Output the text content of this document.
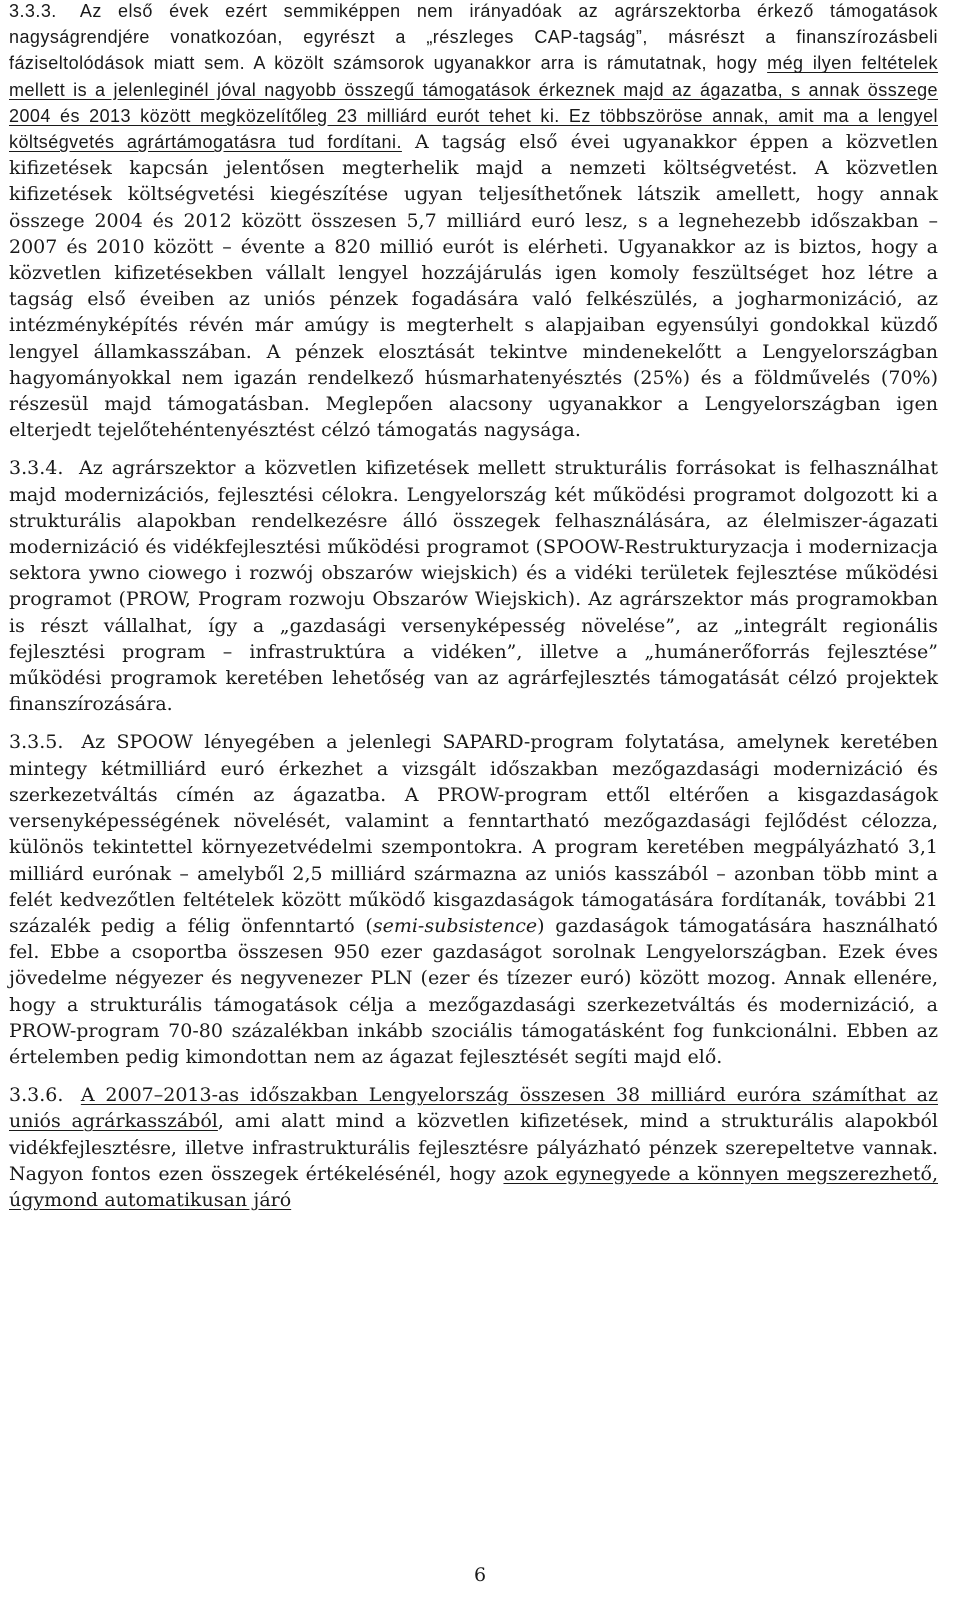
3.3.3. Az első évek ezért semmiképpen nem irányadóak az agrárszektorba érkező támogatások nagyságrendjére vonatkozóan, egyrészt a „részleges CAP-tagság”, másrészt a finanszírozásbeli fáziseltolódások miatt sem. A közölt számsorok ugyanakkor arra is rámutatnak, hogy még ilyen feltételek mellett is a jelenleginél jóval nagyobb összegű támogatások érkeznek majd az ágazatba, s annak összege 2004 és 2013 között megközelítőleg 23 milliárd eurót tehet ki. Ez többszöröse annak, amit ma a lengyel költségvetés agrártámogatásra tud fordítani. A tagság első évei ugyanakkor éppen a közvetlen kifizetések kapcsán jelentősen megterhelik majd a nemzeti költségvetést. A közvetlen kifizetések költségvetési kiegészítése ugyan teljesíthetőnek látszik amellett, hogy annak összege 2004 és 2012 között összesen 5,7 milliárd euró lesz, s a legnehezebb időszakban – 2007 és 2010 között – évente a 820 millió eurót is elérheti. Ugyanakkor az is biztos, hogy a közvetlen kifizetésekben vállalt lengyel hozzájárulás igen komoly feszültséget hoz létre a tagság első éveiben az uniós pénzek fogadására való felkészülés, a jogharmonizáció, az intézményképítés révén már amúgy is megterhelt s alapjaiban egyensúlyi gondokkal küzdő lengyel államkasszában. A pénzek elosztását tekintve mindenekelőtt a Lengyelországban hagyományokkal nem igazán rendelkező húsmarhatenyésztés (25%) és a földművelés (70%) részesül majd támogatásban. Meglepően alacsony ugyanakkor a Lengyelországban igen elterjedt tejelőtehéntenyésztést célzó támogatás nagysága.

3.3.4. Az agrárszektor a közvetlen kifizetések mellett strukturális forrásokat is felhasználhat majd modernizációs, fejlesztési célokra. Lengyelország két működési programot dolgozott ki a strukturális alapokban rendelkezésre álló összegek felhasználására, az élelmiszer-ágazati modernizáció és vidékfejlesztési működési programot (SPOOW-Restrukturyzacja i modernizacja sektora ywno ciowego i rozwój obszarów wiejskich) és a vidéki területek fejlesztése működési programot (PROW, Program rozwoju Obszarów Wiejskich). Az agrárszektor más programokban is részt vállalhat, így a „gazdasági versenyképesség növelése”, az „integrált regionális fejlesztési program – infrastruktúra a vidéken”, illetve a „humánerőforrás fejlesztése” működési programok keretében lehetőség van az agrárfejlesztés támogatását célzó projektek finanszírozására.

3.3.5. Az SPOOW lényegében a jelenlegi SAPARD-program folytatása, amelynek keretében mintegy kétmilliárd euró érkezhet a vizsgált időszakban mezőgazdasági modernizáció és szerkezetváltás címén az ágazatba. A PROW-program ettől eltérően a kisgazdaságok versenyképességének növelését, valamint a fenntartható mezőgazdasági fejlődést célozza, különös tekintettel környezetvédelmi szempontokra. A program keretében megpályázható 3,1 milliárd eurónak – amelyből 2,5 milliárd származna az uniós kasszából – azonban több mint a felét kedvezőtlen feltételek között működő kisgazdaságok támogatására fordítanák, további 21 százalék pedig a félig önfenntartó (semi-subsistence) gazdaságok támogatására használható fel. Ebbe a csoportba összesen 950 ezer gazdaságot sorolnak Lengyelországban. Ezek éves jövedelme négyezer és negyvenezer PLN (ezer és tízezer euró) között mozog. Annak ellenére, hogy a strukturális támogatások célja a mezőgazdasági szerkezetváltás és modernizáció, a PROW-program 70-80 százalékban inkább szociális támogatásként fog funkcionálni. Ebben az értelemben pedig kimondottan nem az ágazat fejlesztését segíti majd elő.

3.3.6. A 2007–2013-as időszakban Lengyelország összesen 38 milliárd euróra számíthat az uniós agrárkasszából, ami alatt mind a közvetlen kifizetések, mind a strukturális alapokból vidékfejlesztésre, illetve infrastrukturális fejlesztésre pályázható pénzek szerepeltetve vannak. Nagyon fontos ezen összegek értékelésénél, hogy azok egynegyede a könnyen megszerezhető, úgymond automatikusan járó

6
